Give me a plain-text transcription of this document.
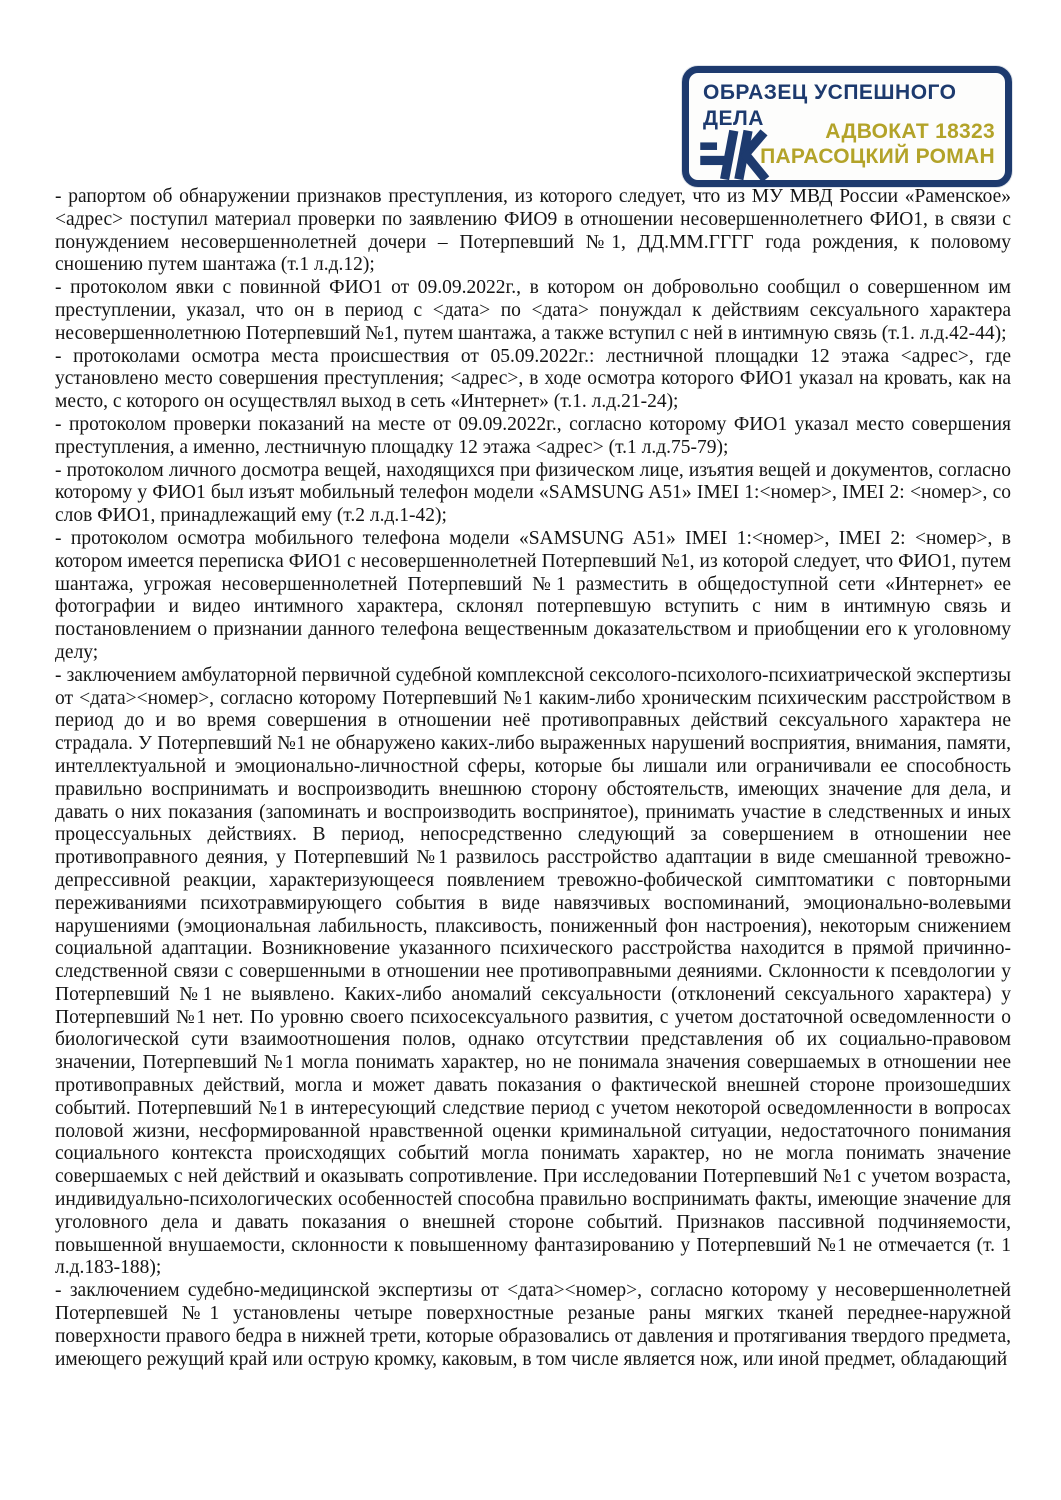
ОБРАЗЕЦ УСПЕШНОГО
ДЕЛА
АДВОКАТ 18323
ПАРАСОЦКИЙ РОМАН

- рапортом об обнаружении признаков преступления, из которого следует, что из МУ МВД России «Раменское» <адрес> поступил материал проверки по заявлению ФИО9 в отношении несовершеннолетнего ФИО1, в связи с понуждением несовершеннолетней дочери – Потерпевший №1, ДД.ММ.ГГГГ года рождения, к половому сношению путем шантажа (т.1 л.д.12);

- протоколом явки с повинной ФИО1 от 09.09.2022г., в котором он добровольно сообщил о совершенном им преступлении, указал, что он в период с <дата> по <дата> понуждал к действиям сексуального характера несовершеннолетнюю Потерпевший №1, путем шантажа, а также вступил с ней в интимную связь (т.1. л.д.42-44);

- протоколами осмотра места происшествия от 05.09.2022г.: лестничной площадки 12 этажа <адрес>, где установлено место совершения преступления; <адрес>, в ходе осмотра которого ФИО1 указал на кровать, как на место, с которого он осуществлял выход в сеть «Интернет» (т.1. л.д.21-24);

- протоколом проверки показаний на месте от 09.09.2022г., согласно которому ФИО1 указал место совершения преступления, а именно, лестничную площадку 12 этажа <адрес> (т.1 л.д.75-79);

- протоколом личного досмотра вещей, находящихся при физическом лице, изъятия вещей и документов, согласно которому у ФИО1 был изъят мобильный телефон модели «SAMSUNG A51» IMEI 1:<номер>, IMEI 2: <номер>, со слов ФИО1, принадлежащий ему (т.2 л.д.1-42);

- протоколом осмотра мобильного телефона модели «SAMSUNG A51» IMEI 1:<номер>, IMEI 2: <номер>, в котором имеется переписка ФИО1 с несовершеннолетней Потерпевший №1, из которой следует, что ФИО1, путем шантажа, угрожая несовершеннолетней Потерпевший №1 разместить в общедоступной сети «Интернет» ее фотографии и видео интимного характера, склонял потерпевшую вступить с ним в интимную связь и постановлением о признании данного телефона вещественным доказательством и приобщении его к уголовному делу;

- заключением амбулаторной первичной судебной комплексной сексолого-психолого-психиатрической экспертизы от <дата><номер>, согласно которому Потерпевший №1 каким-либо хроническим психическим расстройством в период до и во время совершения в отношении неё противоправных действий сексуального характера не страдала. У Потерпевший №1 не обнаружено каких-либо выраженных нарушений восприятия, внимания, памяти, интеллектуальной и эмоционально-личностной сферы, которые бы лишали или ограничивали ее способность правильно воспринимать и воспроизводить внешнюю сторону обстоятельств, имеющих значение для дела, и давать о них показания (запоминать и воспроизводить воспринятое), принимать участие в следственных и иных процессуальных действиях. В период, непосредственно следующий за совершением в отношении нее противоправного деяния, у Потерпевший №1 развилось расстройство адаптации в виде смешанной тревожно-депрессивной реакции, характеризующееся появлением тревожно-фобической симптоматики с повторными переживаниями психотравмирующего события в виде навязчивых воспоминаний, эмоционально-волевыми нарушениями (эмоциональная лабильность, плаксивость, пониженный фон настроения), некоторым снижением социальной адаптации. Возникновение указанного психического расстройства находится в прямой причинно-следственной связи с совершенными в отношении нее противоправными деяниями. Склонности к псевдологии у Потерпевший №1 не выявлено. Каких-либо аномалий сексуальности (отклонений сексуального характера) у Потерпевший №1 нет. По уровню своего психосексуального развития, с учетом достаточной осведомленности о биологической сути взаимоотношения полов, однако отсутствии представления об их социально-правовом значении, Потерпевший №1 могла понимать характер, но не понимала значения совершаемых в отношении нее противоправных действий, могла и может давать показания о фактической внешней стороне произошедших событий. Потерпевший №1 в интересующий следствие период с учетом некоторой осведомленности в вопросах половой жизни, несформированной нравственной оценки криминальной ситуации, недостаточного понимания социального контекста происходящих событий могла понимать характер, но не могла понимать значение совершаемых с ней действий и оказывать сопротивление. При исследовании Потерпевший №1 с учетом возраста, индивидуально-психологических особенностей способна правильно воспринимать факты, имеющие значение для уголовного дела и давать показания о внешней стороне событий. Признаков пассивной подчиняемости, повышенной внушаемости, склонности к повышенному фантазированию у Потерпевший №1 не отмечается (т. 1 л.д.183-188);

- заключением судебно-медицинской экспертизы от <дата><номер>, согласно которому у несовершеннолетней Потерпевшей №1 установлены четыре поверхностные резаные раны мягких тканей переднее-наружной поверхности правого бедра в нижней трети, которые образовались от давления и протягивания твердого предмета, имеющего режущий край или острую кромку, каковым, в том числе является нож, или иной предмет, обладающий
